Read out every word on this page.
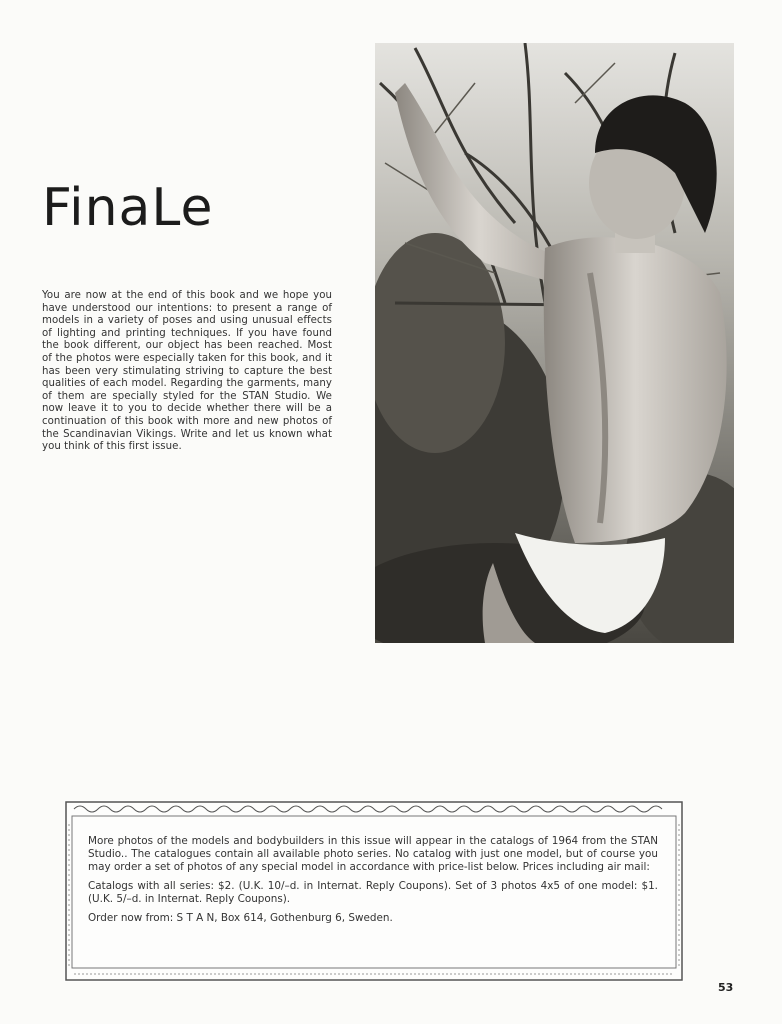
FinaLe

You are now at the end of this book and we hope you have understood our intentions: to present a range of models in a variety of poses and using unusual effects of lighting and printing techniques. If you have found the book different, our object has been reached. Most of the photos were especially taken for this book, and it has been very stimulating striving to capture the best qualities of each model. Regarding the garments, many of them are specially styled for the STAN Studio. We now leave it to you to decide whether there will be a continuation of this book with more and new photos of the Scandinavian Vikings. Write and let us known what you think of this first issue.

More photos of the models and bodybuilders in this issue will appear in the catalogs of 1964 from the STAN Studio.. The catalogues contain all available photo series. No catalog with just one model, but of course you may order a set of photos of any special model in accordance with price-list below. Prices including air mail:

Catalogs with all series: $2. (U.K. 10/–d. in Internat. Reply Coupons). Set of 3 photos 4x5 of one model: $1. (U.K. 5/–d. in Internat. Reply Coupons).

Order now from: S T A N, Box 614, Gothenburg 6, Sweden.

53
